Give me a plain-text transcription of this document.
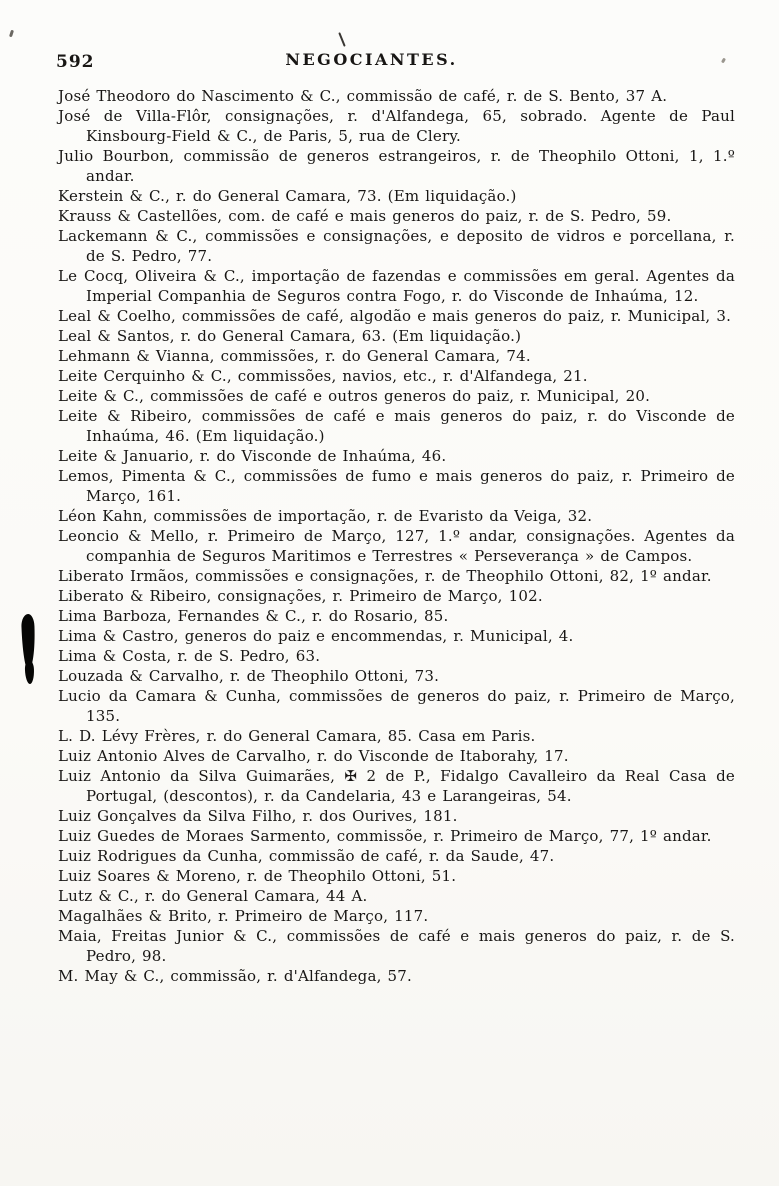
592	NEGOCIANTES.

José Theodoro do Nascimento & C., commissão de café, r. de S. Bento, 37 A.

José de Villa-Flôr, consignações, r. d'Alfandega, 65, sobrado. Agente de Paul Kinsbourg-Field & C., de Paris, 5, rua de Clery.

Julio Bourbon, commissão de generos estrangeiros, r. de Theophilo Ottoni, 1, 1.º andar.

Kerstein & C., r. do General Camara, 73. (Em liquidação.)

Krauss & Castellões, com. de café e mais generos do paiz, r. de S. Pedro, 59.

Lackemann & C., commissões e consignações, e deposito de vidros e porcellana, r. de S. Pedro, 77.

Le Cocq, Oliveira & C., importação de fazendas e commissões em geral. Agentes da Imperial Companhia de Seguros contra Fogo, r. do Visconde de Inhaúma, 12.

Leal & Coelho, commissões de café, algodão e mais generos do paiz, r. Municipal, 3.

Leal & Santos, r. do General Camara, 63. (Em liquidação.)

Lehmann & Vianna, commissões, r. do General Camara, 74.

Leite Cerquinho & C., commissões, navios, etc., r. d'Alfandega, 21.

Leite & C., commissões de café e outros generos do paiz, r. Municipal, 20.

Leite & Ribeiro, commissões de café e mais generos do paiz, r. do Visconde de Inhaúma, 46. (Em liquidação.)

Leite & Januario, r. do Visconde de Inhaúma, 46.

Lemos, Pimenta & C., commissões de fumo e mais generos do paiz, r. Primeiro de Março, 161.

Léon Kahn, commissões de importação, r. de Evaristo da Veiga, 32.

Leoncio & Mello, r. Primeiro de Março, 127, 1.º andar, consignações. Agentes da companhia de Seguros Maritimos e Terrestres « Perseverança » de Campos.

Liberato Irmãos, commissões e consignações, r. de Theophilo Ottoni, 82, 1º andar.

Liberato & Ribeiro, consignações, r. Primeiro de Março, 102.

Lima Barboza, Fernandes & C., r. do Rosario, 85.

Lima & Castro, generos do paiz e encommendas, r. Municipal, 4.

Lima & Costa, r. de S. Pedro, 63.

Louzada & Carvalho, r. de Theophilo Ottoni, 73.

Lucio da Camara & Cunha, commissões de generos do paiz, r. Primeiro de Março, 135.

L. D. Lévy Frères, r. do General Camara, 85. Casa em Paris.

Luiz Antonio Alves de Carvalho, r. do Visconde de Itaborahy, 17.

Luiz Antonio da Silva Guimarães, ✠ 2 de P., Fidalgo Cavalleiro da Real Casa de Portugal, (descontos), r. da Candelaria, 43 e Larangeiras, 54.

Luiz Gonçalves da Silva Filho, r. dos Ourives, 181.

Luiz Guedes de Moraes Sarmento, commissõe, r. Primeiro de Março, 77, 1º andar.

Luiz Rodrigues da Cunha, commissão de café, r. da Saude, 47.

Luiz Soares & Moreno, r. de Theophilo Ottoni, 51.

Lutz & C., r. do General Camara, 44 A.

Magalhães & Brito, r. Primeiro de Março, 117.

Maia, Freitas Junior & C., commissões de café e mais generos do paiz, r. de S. Pedro, 98.

M. May & C., commissão, r. d'Alfandega, 57.
